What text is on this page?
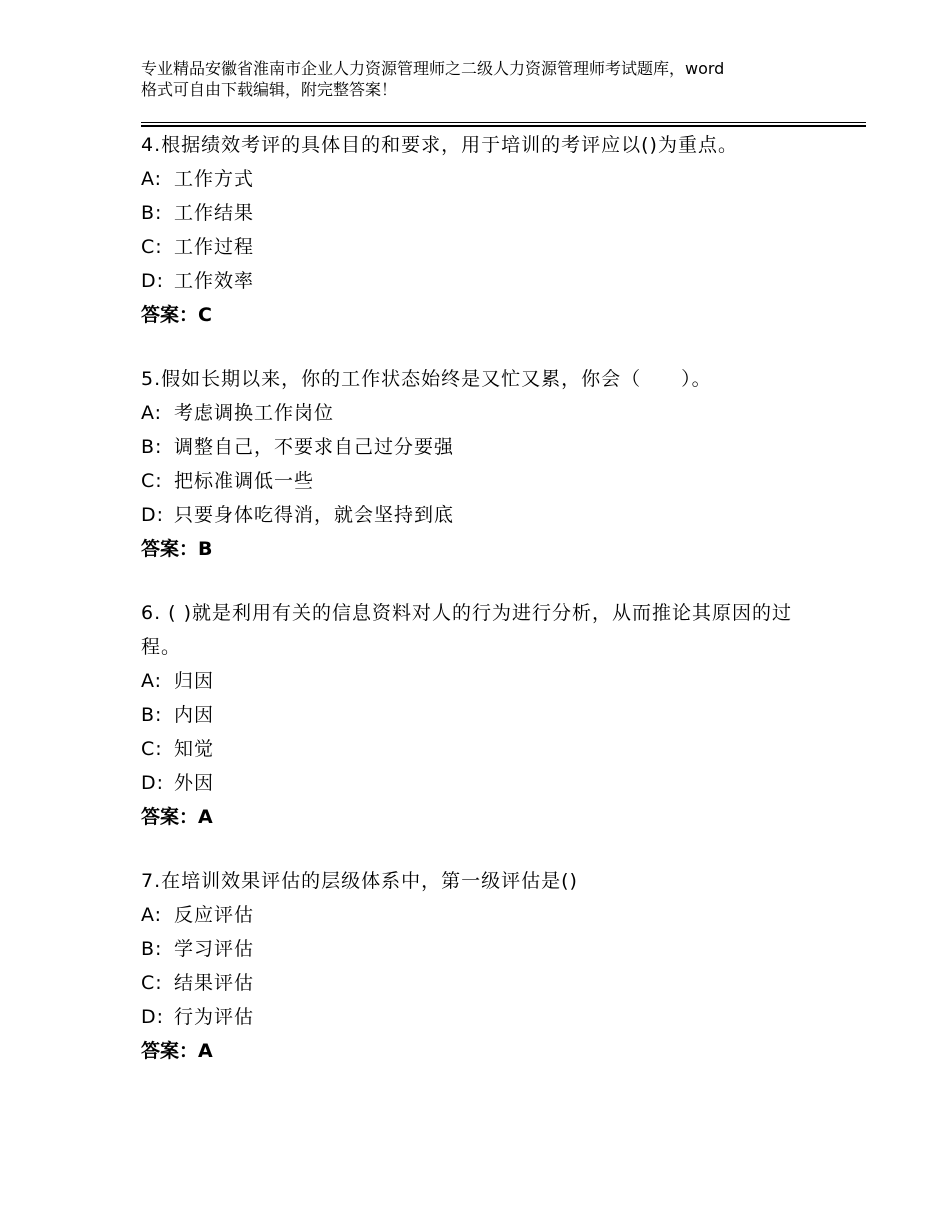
专业精品安徽省淮南市企业人力资源管理师之二级人力资源管理师考试题库，word
格式可自由下载编辑，附完整答案！
4.根据绩效考评的具体目的和要求，用于培训的考评应以()为重点。
A: 工作方式
B: 工作结果
C: 工作过程
D: 工作效率
答案：C
5.假如长期以来，你的工作状态始终是又忙又累，你会（　　）。
A: 考虑调换工作岗位
B: 调整自己，不要求自己过分要强
C: 把标准调低一些
D: 只要身体吃得消，就会坚持到底
答案：B
6. ( )就是利用有关的信息资料对人的行为进行分析，从而推论其原因的过程。
A: 归因
B: 内因
C: 知觉
D: 外因
答案：A
7.在培训效果评估的层级体系中，第一级评估是()
A: 反应评估
B: 学习评估
C: 结果评估
D: 行为评估
答案：A
